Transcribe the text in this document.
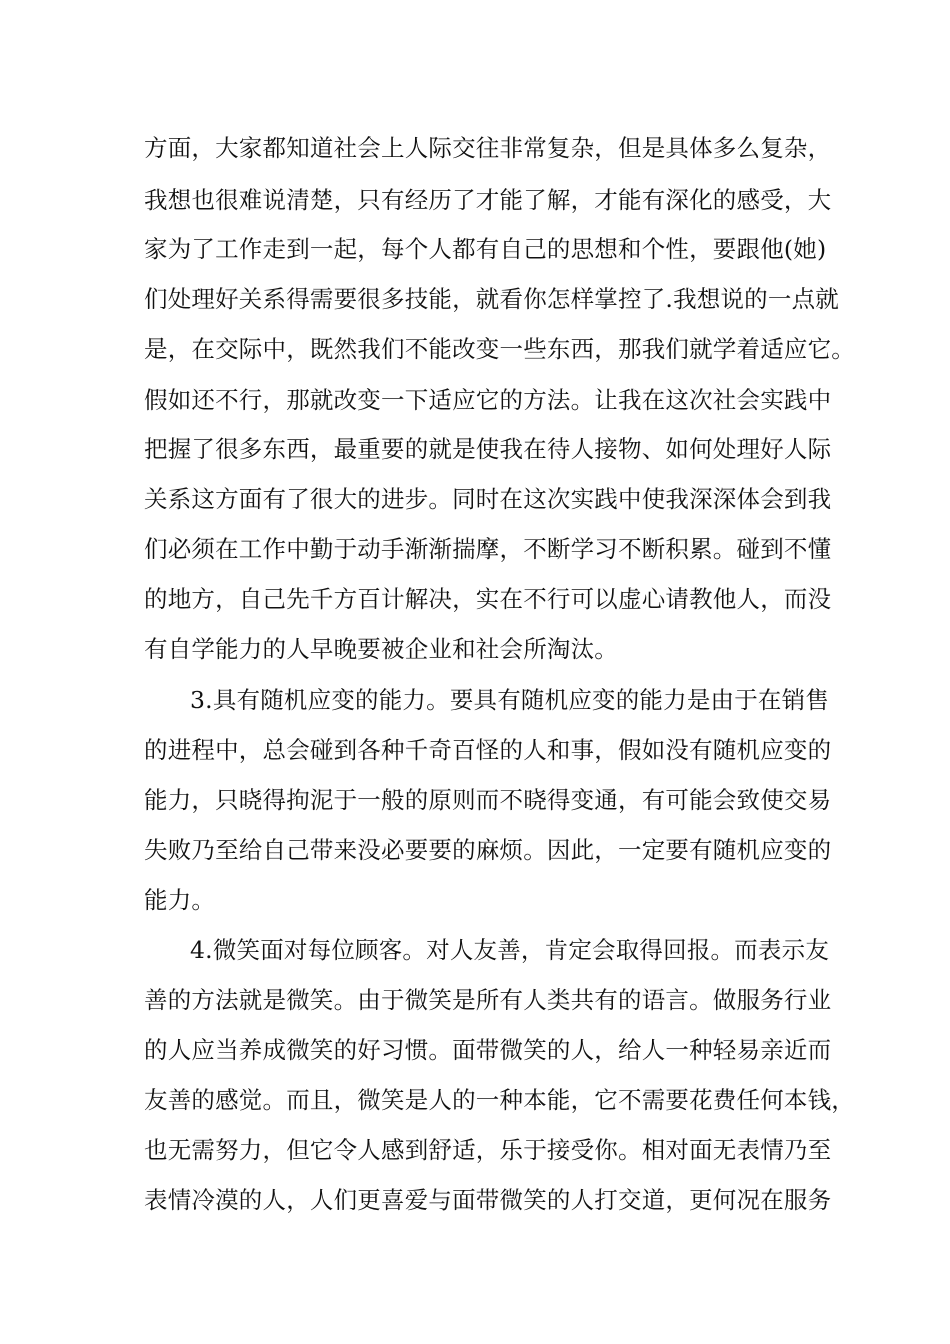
方面，大家都知道社会上人际交往非常复杂，但是具体多么复杂，
我想也很难说清楚，只有经历了才能了解，才能有深化的感受，大
家为了工作走到一起，每个人都有自己的思想和个性，要跟他(她)
们处理好关系得需要很多技能，就看你怎样掌控了.我想说的一点就
是，在交际中，既然我们不能改变一些东西，那我们就学着适应它。
假如还不行，那就改变一下适应它的方法。让我在这次社会实践中
把握了很多东西，最重要的就是使我在待人接物、如何处理好人际
关系这方面有了很大的进步。同时在这次实践中使我深深体会到我
们必须在工作中勤于动手渐渐揣摩，不断学习不断积累。碰到不懂
的地方，自己先千方百计解决，实在不行可以虚心请教他人，而没
有自学能力的人早晚要被企业和社会所淘汰。
3.具有随机应变的能力。要具有随机应变的能力是由于在销售
的进程中，总会碰到各种千奇百怪的人和事，假如没有随机应变的
能力，只晓得拘泥于一般的原则而不晓得变通，有可能会致使交易
失败乃至给自己带来没必要要的麻烦。因此，一定要有随机应变的
能力。
4.微笑面对每位顾客。对人友善，肯定会取得回报。而表示友
善的方法就是微笑。由于微笑是所有人类共有的语言。做服务行业
的人应当养成微笑的好习惯。面带微笑的人，给人一种轻易亲近而
友善的感觉。而且，微笑是人的一种本能，它不需要花费任何本钱，
也无需努力，但它令人感到舒适，乐于接受你。相对面无表情乃至
表情冷漠的人，人们更喜爱与面带微笑的人打交道，更何况在服务
